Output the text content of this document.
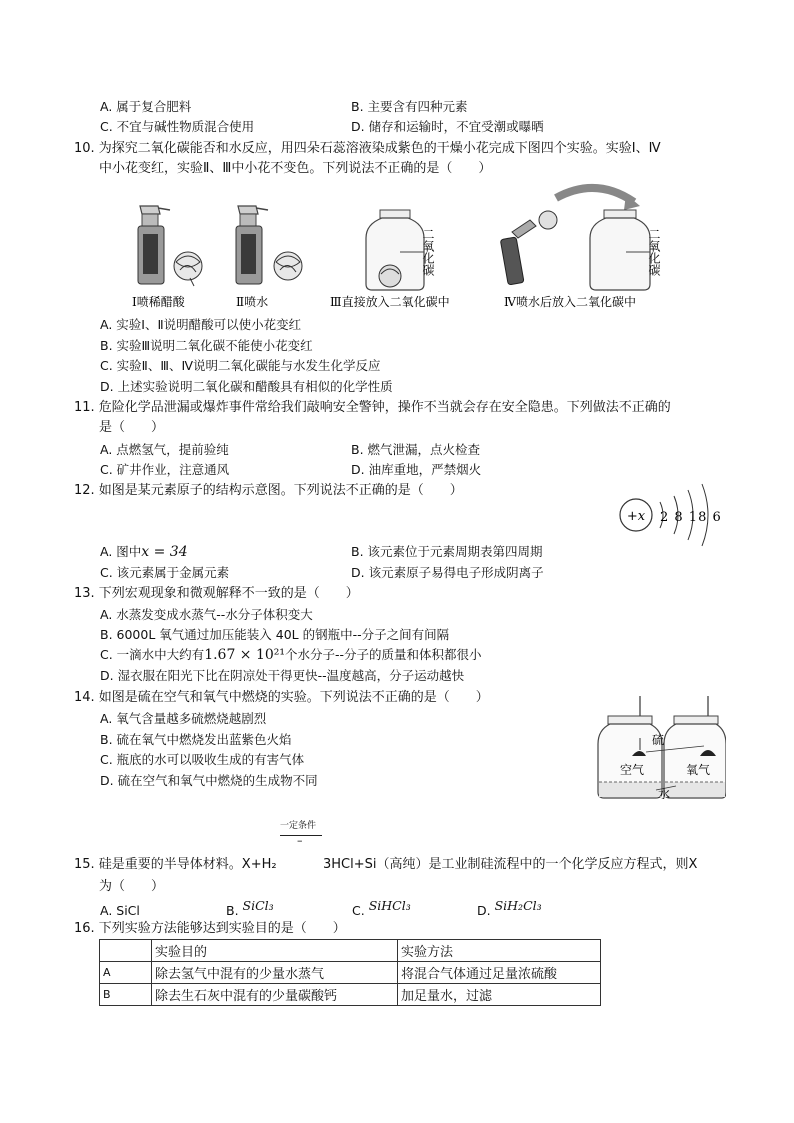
A. 属于复合肥料	B. 主要含有四种元素
C. 不宜与碱性物质混合使用	D. 储存和运输时，不宜受潮或曝晒
10. 为探究二氧化碳能否和水反应，用四朵石蕊溶液染成紫色的干燥小花完成下图四个实验。实验Ⅰ、Ⅳ
中小花变红，实验Ⅱ、Ⅲ中小花不变色。下列说法不正确的是（　　）
Ⅰ喷稀醋酸	Ⅱ喷水
二氧化碳
Ⅲ直接放入二氧化碳中
二氧化碳
Ⅳ喷水后放入二氧化碳中
A. 实验Ⅰ、Ⅱ说明醋酸可以使小花变红
B. 实验Ⅲ说明二氧化碳不能使小花变红
C. 实验Ⅱ、Ⅲ、Ⅳ说明二氧化碳能与水发生化学反应
D. 上述实验说明二氧化碳和醋酸具有相似的化学性质
11. 危险化学品泄漏或爆炸事件常给我们敲响安全警钟，操作不当就会存在安全隐患。下列做法不正确的
是（　　）
A. 点燃氢气，提前验纯	B. 燃气泄漏，点火检查
C. 矿井作业，注意通风	D. 油库重地，严禁烟火
12. 如图是某元素原子的结构示意图。下列说法不正确的是（　　）
+x 2 8 18 6
A. 图中x = 34	B. 该元素位于元素周期表第四周期
C. 该元素属于金属元素	D. 该元素原子易得电子形成阴离子
13. 下列宏观现象和微观解释不一致的是（　　）
A. 水蒸发变成水蒸气--水分子体积变大
B. 6000L 氧气通过加压能装入 40L 的钢瓶中--分子之间有间隔
C. 一滴水中大约有1.67 × 10²¹个水分子--分子的质量和体积都很小
D. 湿衣服在阳光下比在阴凉处干得更快--温度越高，分子运动越快
14. 如图是硫在空气和氧气中燃烧的实验。下列说法不正确的是（　　）
A. 氧气含量越多硫燃烧越剧烈
B. 硫在氧气中燃烧发出蓝紫色火焰
C. 瓶底的水可以吸收生成的有害气体
D. 硫在空气和氧气中燃烧的生成物不同
空气	氧气
硫
水
一定条件
–
15. 硅是重要的半导体材料。X+H₂	3HCl+Si（高纯）是工业制硅流程中的一个化学反应方程式，则X
为（　　）
A. SiCl	B. SiCl₃	C. SiHCl₃	D. SiH₂Cl₃
16. 下列实验方法能够达到实验目的是（　　）
	实验目的	实验方法
A	除去氢气中混有的少量水蒸气	将混合气体通过足量浓硫酸
B	除去生石灰中混有的少量碳酸钙	加足量水，过滤
